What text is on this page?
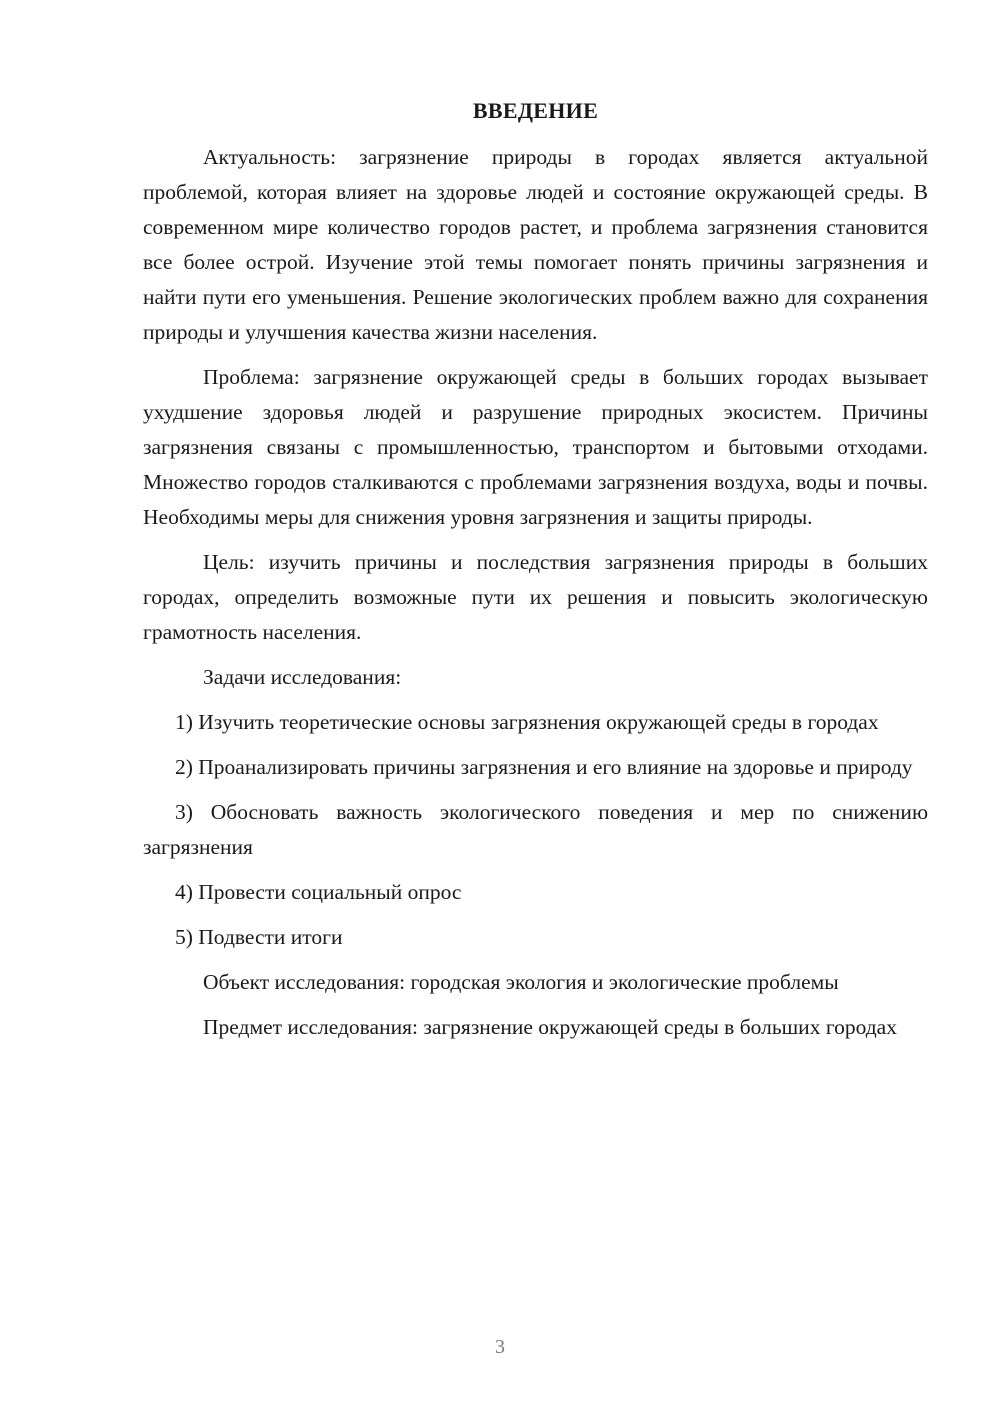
ВВЕДЕНИЕ

Актуальность: загрязнение природы в городах является актуальной проблемой, которая влияет на здоровье людей и состояние окружающей среды. В современном мире количество городов растет, и проблема загрязнения становится все более острой. Изучение этой темы помогает понять причины загрязнения и найти пути его уменьшения. Решение экологических проблем важно для сохранения природы и улучшения качества жизни населения.

Проблема: загрязнение окружающей среды в больших городах вызывает ухудшение здоровья людей и разрушение природных экосистем. Причины загрязнения связаны с промышленностью, транспортом и бытовыми отходами. Множество городов сталкиваются с проблемами загрязнения воздуха, воды и почвы. Необходимы меры для снижения уровня загрязнения и защиты природы.

Цель: изучить причины и последствия загрязнения природы в больших городах, определить возможные пути их решения и повысить экологическую грамотность населения.

Задачи исследования:

1) Изучить теоретические основы загрязнения окружающей среды в городах

2) Проанализировать причины загрязнения и его влияние на здоровье и природу

3) Обосновать важность экологического поведения и мер по снижению загрязнения

4) Провести социальный опрос

5) Подвести итоги

Объект исследования: городская экология и экологические проблемы

Предмет исследования: загрязнение окружающей среды в больших городах

3
